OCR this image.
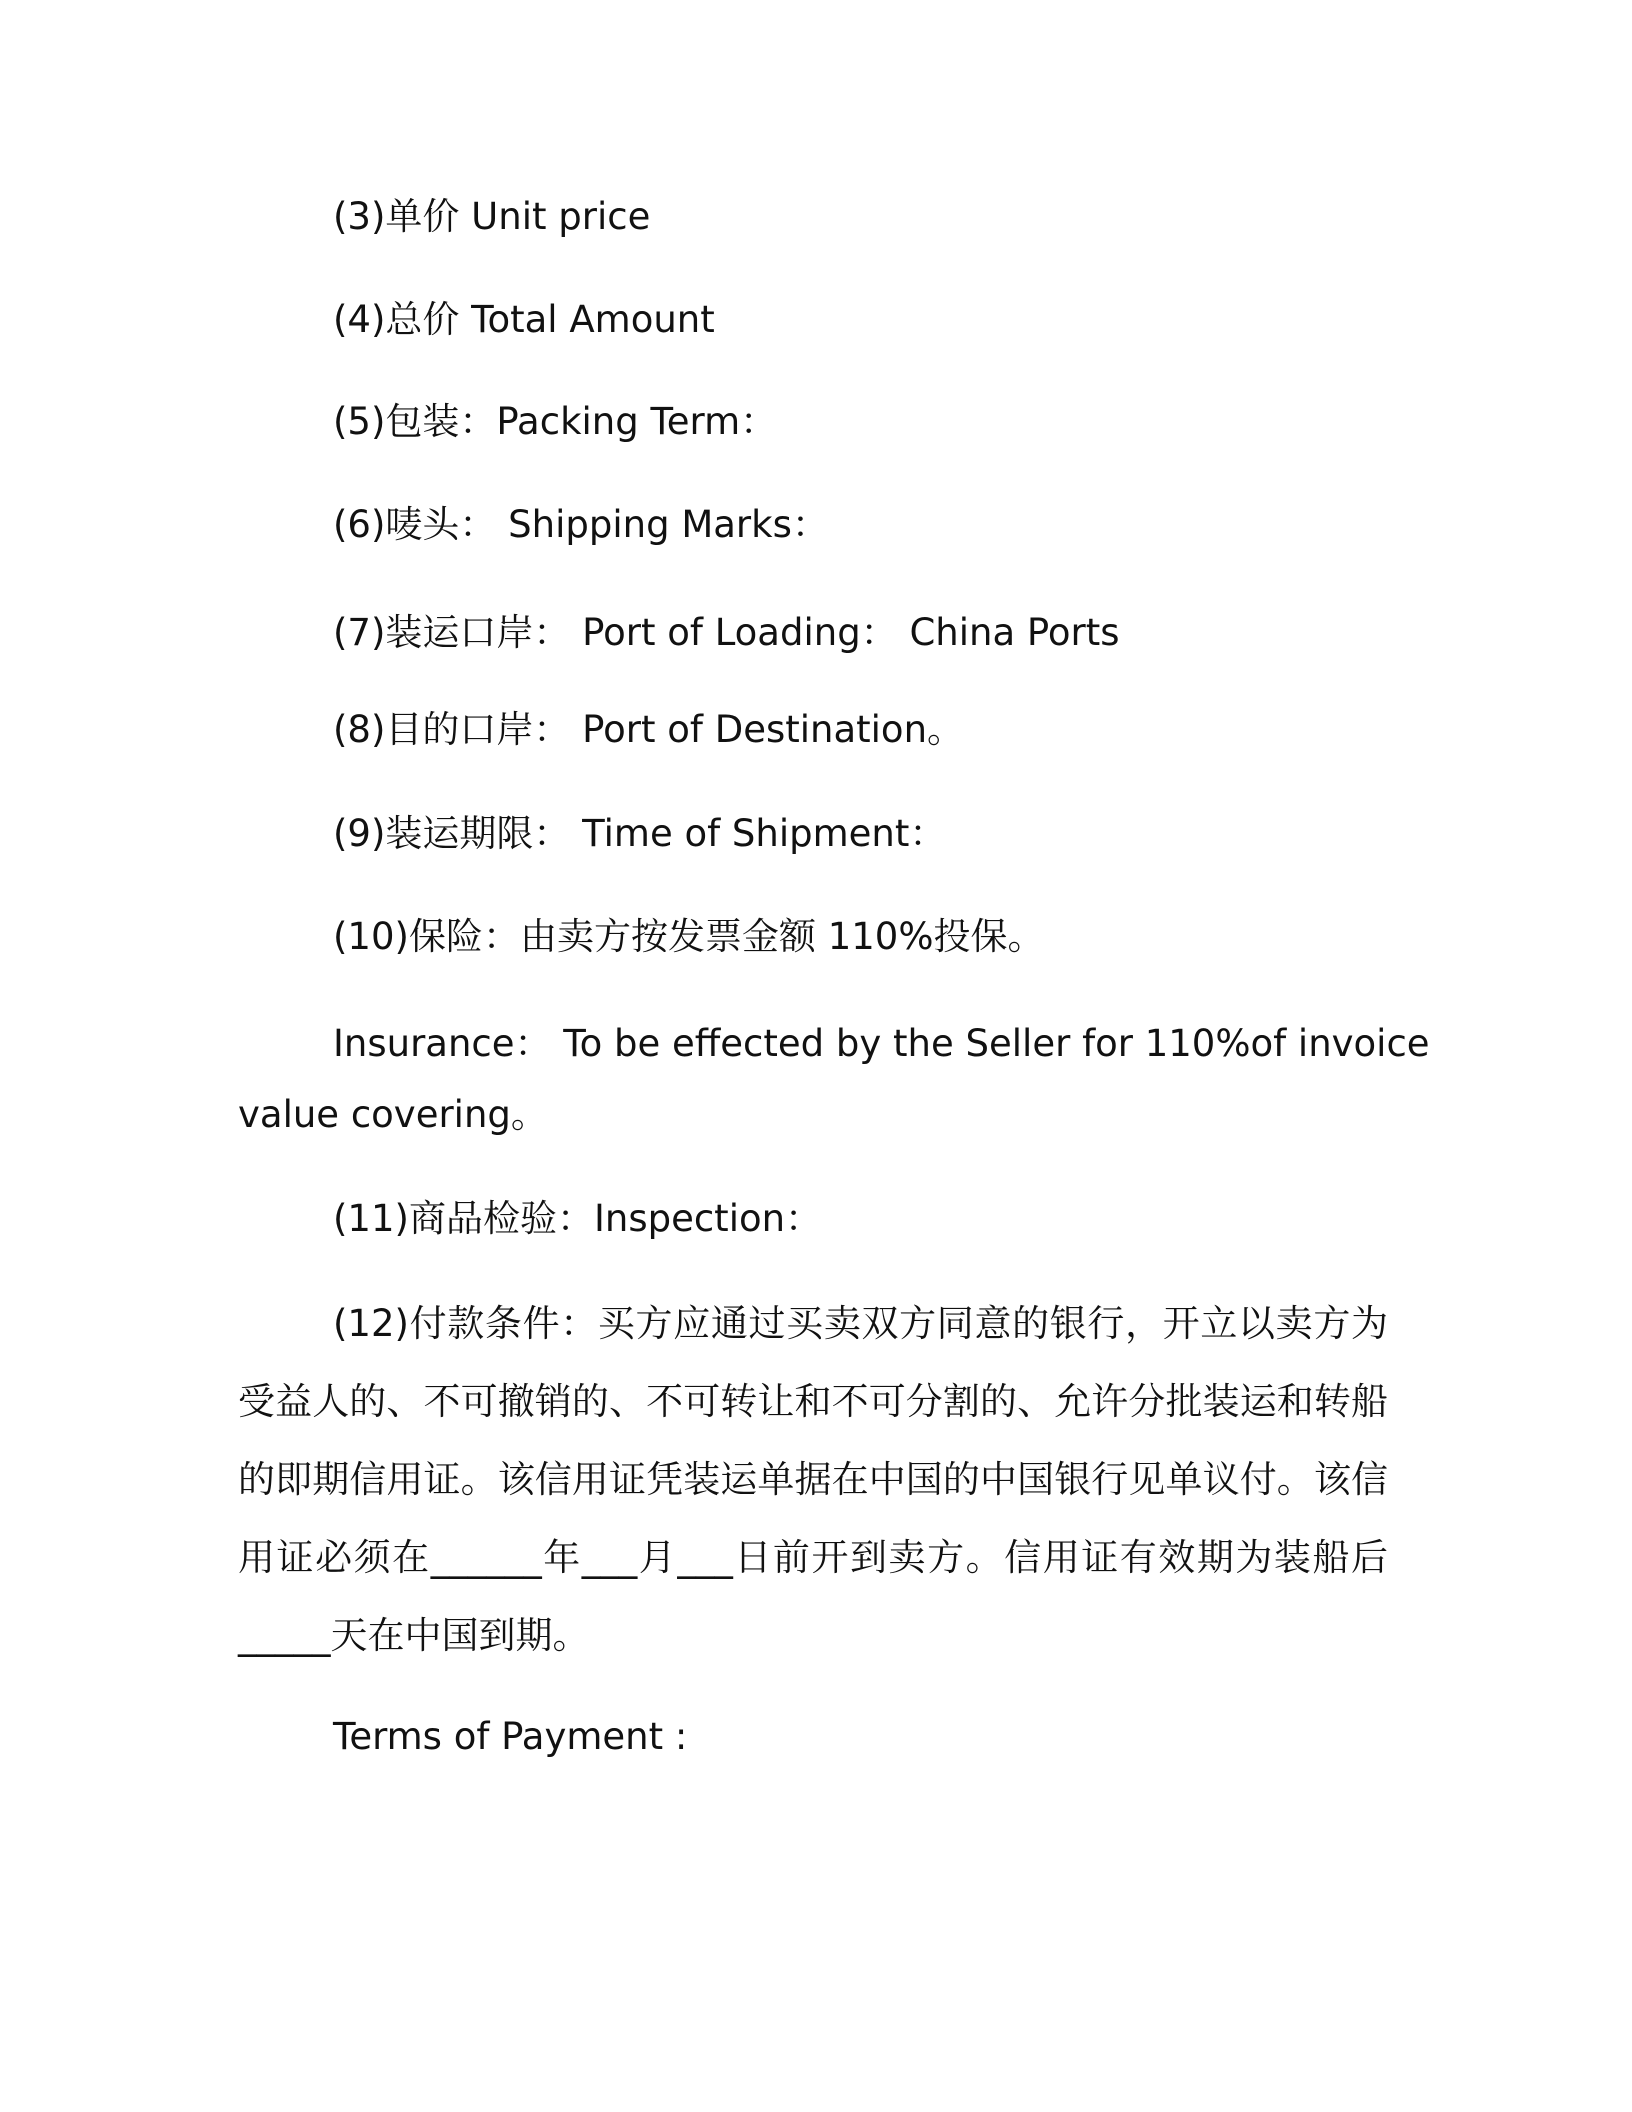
(3)单价 Unit price

(4)总价 Total Amount

(5)包装：Packing Term：

(6)唛头： Shipping Marks：

(7)装运口岸： Port of Loading： China Ports

(8)目的口岸： Port of Destination。

(9)装运期限： Time of Shipment：

(10)保险：由卖方按发票金额 110%投保。

Insurance： To be effected by the Seller for 110%of invoice

value covering。

(11)商品检验：Inspection：

(12)付款条件：买方应通过买卖双方同意的银行，开立以卖方为受益人的、不可撤销的、不可转让和不可分割的、允许分批装运和转船的即期信用证。该信用证凭装运单据在中国的中国银行见单议付。该信用证必须在______年___月___日前开到卖方。信用证有效期为装船后_____天在中国到期。

Terms of Payment :
